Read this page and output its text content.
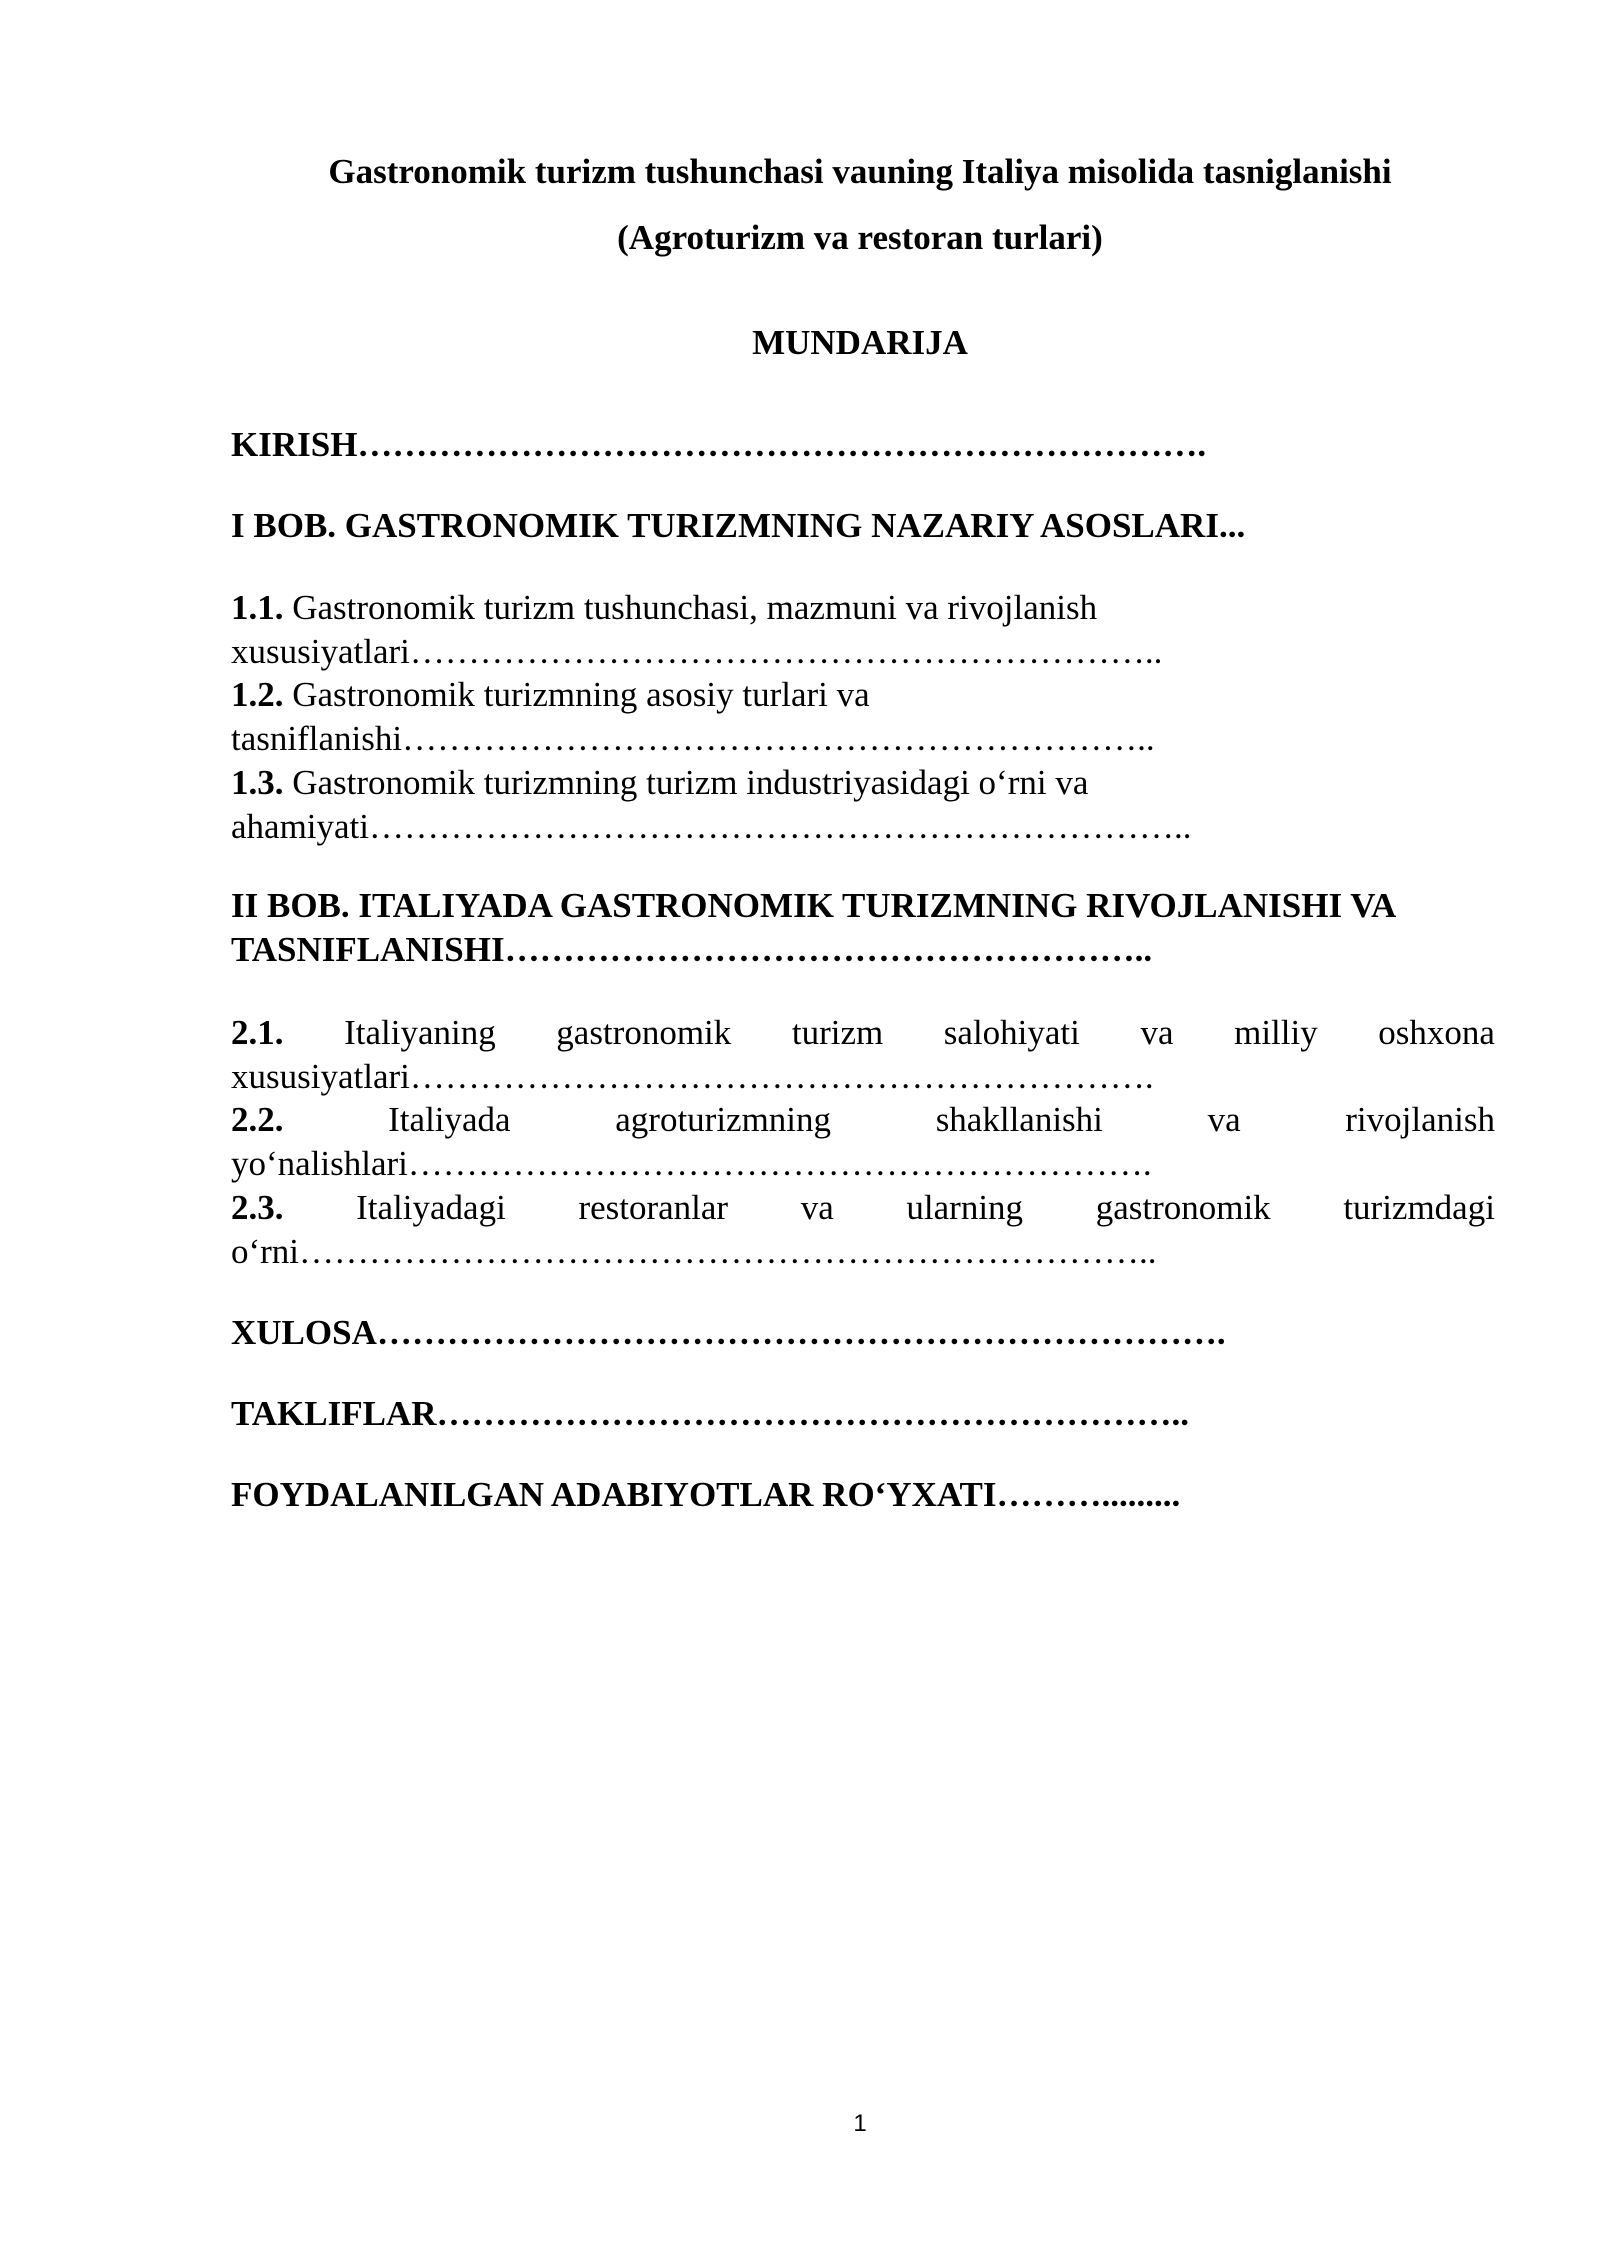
Gastronomik turizm tushunchasi vauning Italiya misolida tasniglanishi

(Agroturizm va restoran turlari)

MUNDARIJA

KIRISH……………………………………………………………….

I BOB. GASTRONOMIK TURIZMNING NAZARIY ASOSLARI...

1.1. Gastronomik turizm tushunchasi, mazmuni va rivojlanish

xususiyatlari………………………………………………………..

1.2. Gastronomik turizmning asosiy turlari va

tasniflanishi………………………………………………………..

1.3. Gastronomik turizmning turizm industriyasidagi o‘rni va

ahamiyati……………………………………………………………..

II BOB. ITALIYADA GASTRONOMIK TURIZMNING RIVOJLANISHI VA

TASNIFLANISHI………………………………………………..

2.1. Italiyaning gastronomik turizm salohiyati va milliy oshxona

xususiyatlari……………………………………………………….

2.2.	Italiyada	agroturizmning	shakllanishi	va	rivojlanish

yo‘nalishlari……………………………………………………….

2.3. Italiyadagi restoranlar va ularning gastronomik turizmdagi

o‘rni………………………………………………………………..

XULOSA……………………………………………………………….

TAKLIFLAR………………………………………………………..

FOYDALANILGAN ADABIYOTLAR RO‘YXATI……….........

1
